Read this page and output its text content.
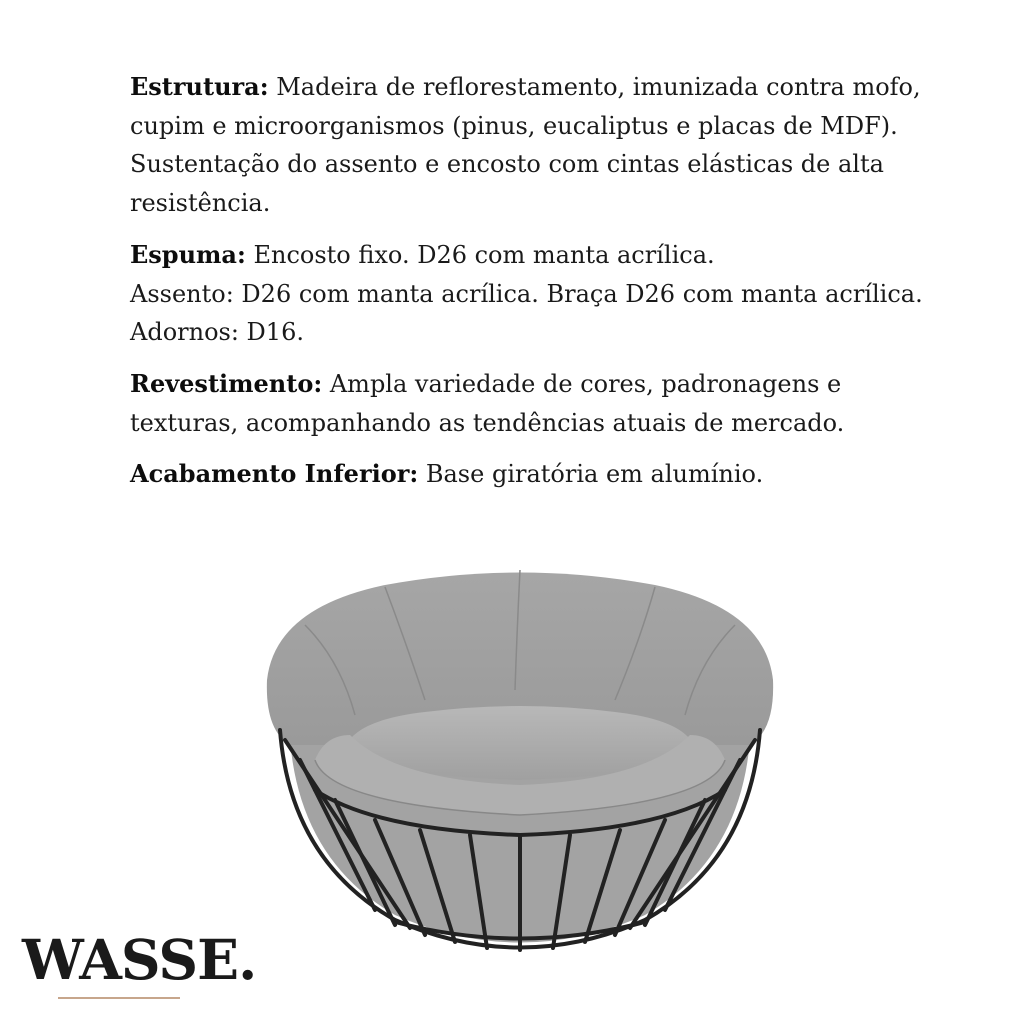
Estrutura: Madeira de reflorestamento, imunizada contra mofo,
cupim e microorganismos (pinus, eucaliptus e placas de MDF).
Sustentação do assento e encosto com cintas elásticas de alta
resistência.
Espuma: Encosto fixo. D26 com manta acrílica.
Assento: D26 com manta acrílica. Braça D26 com manta acrílica.
Adornos: D16.
Revestimento: Ampla variedade de cores, padronagens e
texturas, acompanhando as tendências atuais de mercado.
Acabamento Inferior: Base giratória em alumínio.
WASSE.
